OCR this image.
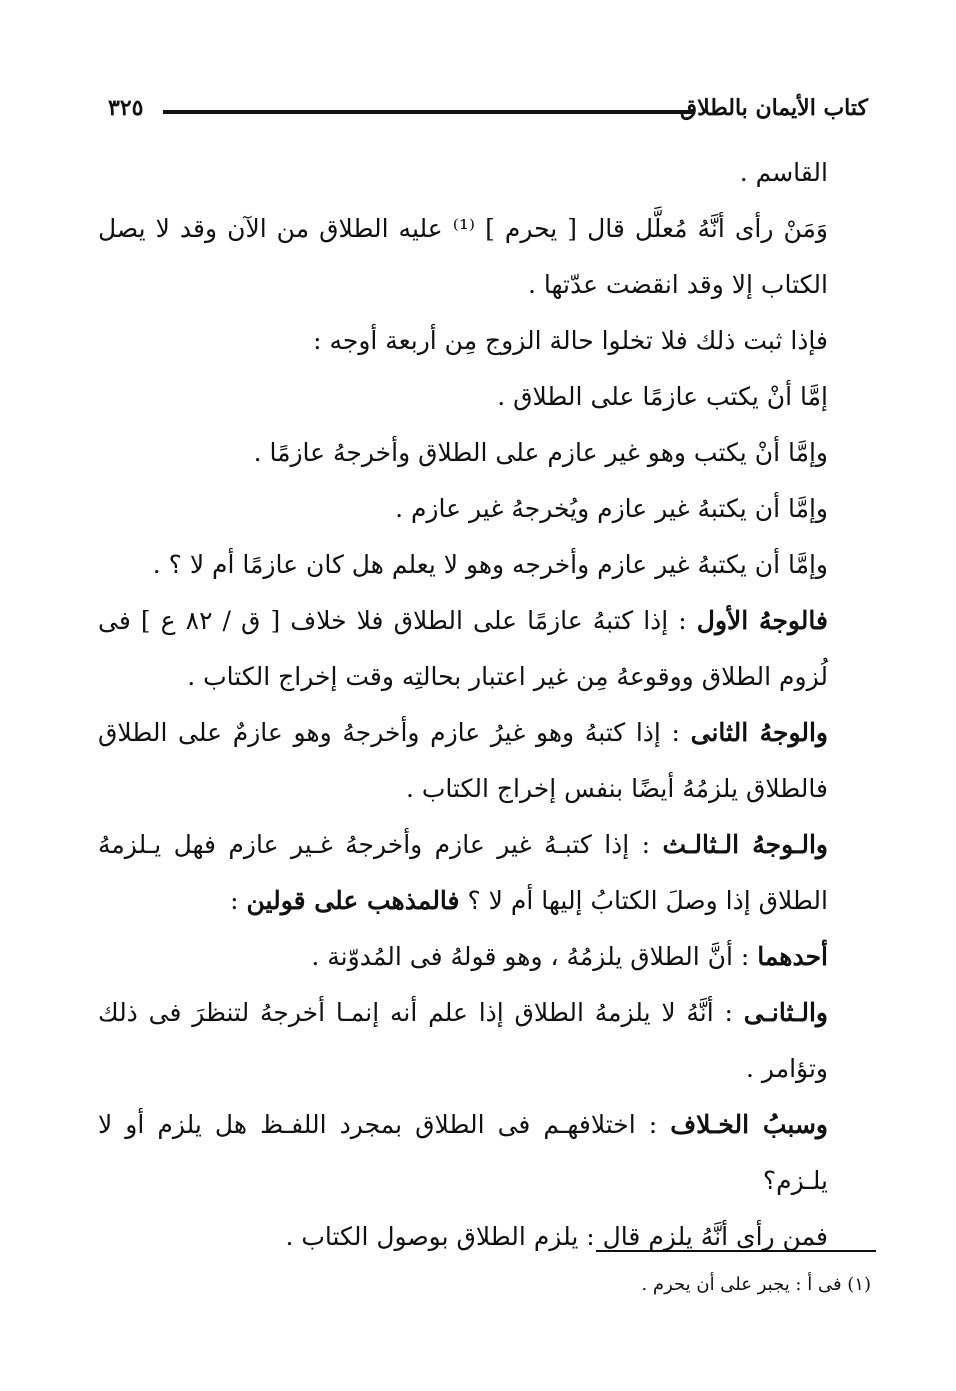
كتاب الأيمان بالطلاق
٣٢٥

القاسم .

وَمَنْ رأى أنَّهُ مُعلَّل قال [ يحرم ] ⁽¹⁾ عليه الطلاق من الآن وقد لا يصل الكتاب إلا وقد انقضت عدّتها .

فإذا ثبت ذلك فلا تخلوا حالة الزوج مِن أربعة أوجه :

إمَّا أنْ يكتب عازمًا على الطلاق .

وإمَّا أنْ يكتب وهو غير عازم على الطلاق وأخرجهُ عازمًا .

وإمَّا أن يكتبهُ غير عازم ويُخرجهُ غير عازم .

وإمَّا أن يكتبهُ غير عازم وأخرجه وهو لا يعلم هل كان عازمًا أم لا ؟ .

فالوجهُ الأول : إذا كتبهُ عازمًا على الطلاق فلا خلاف [ ق / ٨٢ ع ] فى لُزوم الطلاق ووقوعهُ مِن غير اعتبار بحالتِه وقت إخراج الكتاب .

والوجهُ الثانى : إذا كتبهُ وهو غيرُ عازم وأخرجهُ وهو عازمٌ على الطلاق فالطلاق يلزمُهُ أيضًا بنفس إخراج الكتاب .

والـوجهُ الـثالـث : إذا كتبـهُ غير عازم وأخرجهُ غـير عازم فهل يـلزمهُ الطلاق إذا وصلَ الكتابُ إليها أم لا ؟ فالمذهب على قولين :

أحدهما : أنَّ الطلاق يلزمُهُ ، وهو قولهُ فى المُدوّنة .

والـثانـى : أنَّهُ لا يلزمهُ الطلاق إذا علم أنه إنمـا أخرجهُ لتنظرَ فى ذلك وتؤامر .

وسببُ الخـلاف : اختلافهـم فى الطلاق بمجرد اللفـظ هل يلزم أو لا يلـزم؟

فمن رأى أنَّهُ يلزم قال : يلزم الطلاق بوصول الكتاب .

(١) فى أ : يجبر على أن يحرم .
